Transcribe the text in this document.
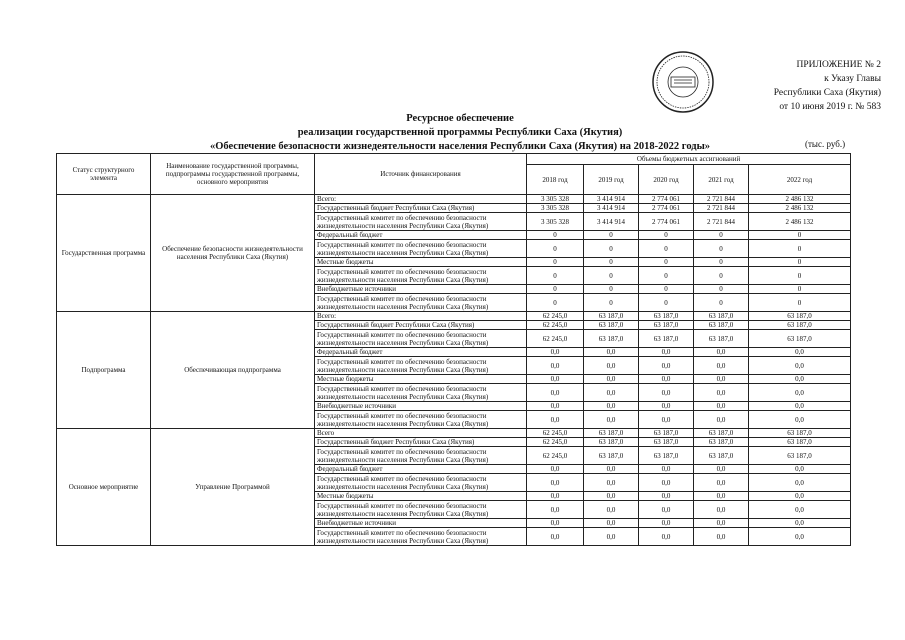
ПРИЛОЖЕНИЕ № 2
к Указу Главы
Республики Саха (Якутия)
от 10 июня 2019 г. № 583
Ресурсное обеспечение
реализации государственной программы Республики Саха (Якутия)
«Обеспечение безопасности жизнедеятельности населения Республики Саха (Якутия) на 2018-2022 годы»	(тыс. руб.)
Статус структурного элемента	Наименование государственной программы, подпрограммы государственной программы, основного мероприятия	Источник финансирования	Объемы бюджетных ассигнований				
			2018 год	2019 год	2020 год	2021 год	2022 год
Государственная программа	Обеспечение безопасности жизнедеятельности населения Республики Саха (Якутия)	Всего:	3 305 328	3 414 914	2 774 061	2 721 844	2 486 132
		Государственный бюджет Республики Саха (Якутия)	3 305 328	3 414 914	2 774 061	2 721 844	2 486 132
		Государственный комитет по обеспечению безопасности жизнедеятельности населения Республики Саха (Якутия)	3 305 328	3 414 914	2 774 061	2 721 844	2 486 132
		Федеральный бюджет	0	0	0	0	0
		Государственный комитет по обеспечению безопасности жизнедеятельности населения Республики Саха (Якутия)	0	0	0	0	0
		Местные бюджеты	0	0	0	0	0
		Государственный комитет по обеспечению безопасности жизнедеятельности населения Республики Саха (Якутия)	0	0	0	0	0
		Внебюджетные источники	0	0	0	0	0
		Государственный комитет по обеспечению безопасности жизнедеятельности населения Республики Саха (Якутия)	0	0	0	0	0
Подпрограмма	Обеспечивающая подпрограмма	Всего:	62 245,0	63 187,0	63 187,0	63 187,0	63 187,0
		Государственный бюджет Республики Саха (Якутия)	62 245,0	63 187,0	63 187,0	63 187,0	63 187,0
		Государственный комитет по обеспечению безопасности жизнедеятельности населения Республики Саха (Якутия)	62 245,0	63 187,0	63 187,0	63 187,0	63 187,0
		Федеральный бюджет	0,0	0,0	0,0	0,0	0,0
		Государственный комитет по обеспечению безопасности жизнедеятельности населения Республики Саха (Якутия)	0,0	0,0	0,0	0,0	0,0
		Местные бюджеты	0,0	0,0	0,0	0,0	0,0
		Государственный комитет по обеспечению безопасности жизнедеятельности населения Республики Саха (Якутия)	0,0	0,0	0,0	0,0	0,0
		Внебюджетные источники	0,0	0,0	0,0	0,0	0,0
		Государственный комитет по обеспечению безопасности жизнедеятельности населения Республики Саха (Якутия)	0,0	0,0	0,0	0,0	0,0
Основное мероприятие	Управление Программой	Всего	62 245,0	63 187,0	63 187,0	63 187,0	63 187,0
		Государственный бюджет Республики Саха (Якутия)	62 245,0	63 187,0	63 187,0	63 187,0	63 187,0
		Государственный комитет по обеспечению безопасности жизнедеятельности населения Республики Саха (Якутия)	62 245,0	63 187,0	63 187,0	63 187,0	63 187,0
		Федеральный бюджет	0,0	0,0	0,0	0,0	0,0
		Государственный комитет по обеспечению безопасности жизнедеятельности населения Республики Саха (Якутия)	0,0	0,0	0,0	0,0	0,0
		Местные бюджеты	0,0	0,0	0,0	0,0	0,0
		Государственный комитет по обеспечению безопасности жизнедеятельности населения Республики Саха (Якутия)	0,0	0,0	0,0	0,0	0,0
		Внебюджетные источники	0,0	0,0	0,0	0,0	0,0
		Государственный комитет по обеспечению безопасности жизнедеятельности населения Республики Саха (Якутия)	0,0	0,0	0,0	0,0	0,0
